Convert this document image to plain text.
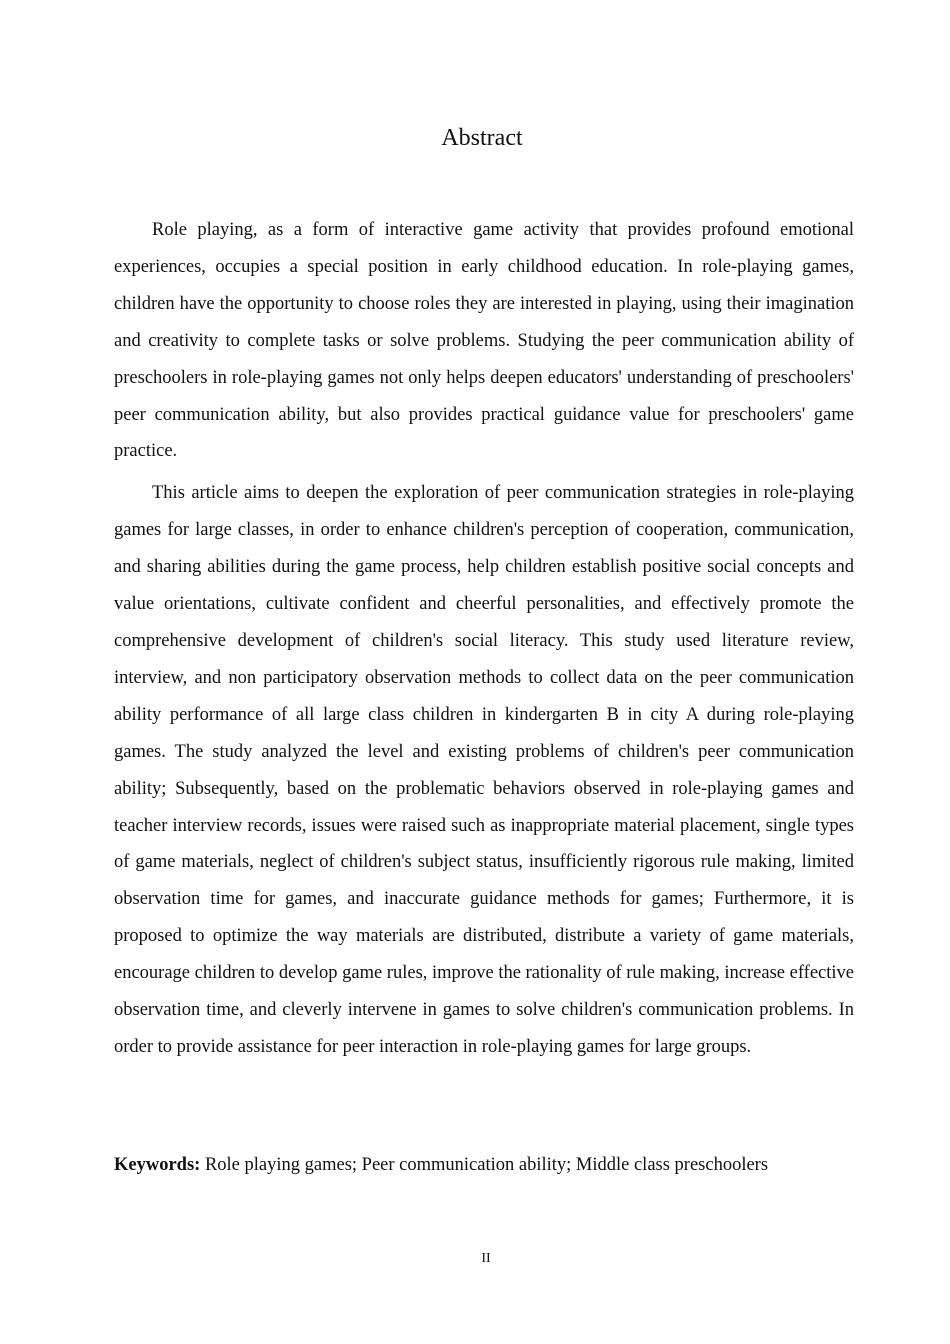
Abstract

Role playing, as a form of interactive game activity that provides profound emotional experiences, occupies a special position in early childhood education. In role-playing games, children have the opportunity to choose roles they are interested in playing, using their imagination and creativity to complete tasks or solve problems. Studying the peer communication ability of preschoolers in role-playing games not only helps deepen educators' understanding of preschoolers' peer communication ability, but also provides practical guidance value for preschoolers' game practice.

This article aims to deepen the exploration of peer communication strategies in role-playing games for large classes, in order to enhance children's perception of cooperation, communication, and sharing abilities during the game process, help children establish positive social concepts and value orientations, cultivate confident and cheerful personalities, and effectively promote the comprehensive development of children's social literacy. This study used literature review, interview, and non participatory observation methods to collect data on the peer communication ability performance of all large class children in kindergarten B in city A during role-playing games. The study analyzed the level and existing problems of children's peer communication ability; Subsequently, based on the problematic behaviors observed in role-playing games and teacher interview records, issues were raised such as inappropriate material placement, single types of game materials, neglect of children's subject status, insufficiently rigorous rule making, limited observation time for games, and inaccurate guidance methods for games; Furthermore, it is proposed to optimize the way materials are distributed, distribute a variety of game materials, encourage children to develop game rules, improve the rationality of rule making, increase effective observation time, and cleverly intervene in games to solve children's communication problems. In order to provide assistance for peer interaction in role-playing games for large groups.

Keywords: Role playing games; Peer communication ability; Middle class preschoolers

II
